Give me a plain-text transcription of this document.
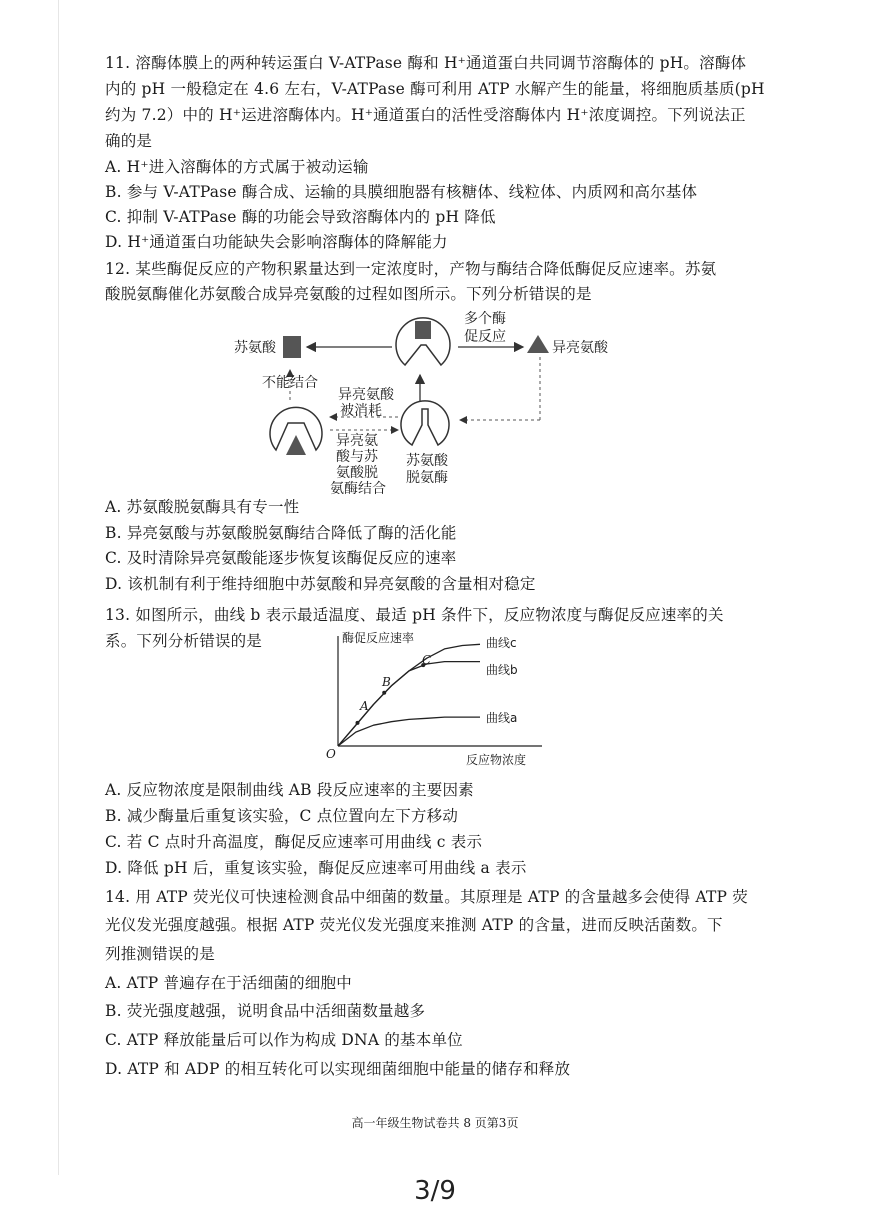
11. 溶酶体膜上的两种转运蛋白 V-ATPase 酶和 H⁺通道蛋白共同调节溶酶体的 pH。溶酶体
内的 pH 一般稳定在 4.6 左右，V-ATPase 酶可利用 ATP 水解产生的能量，将细胞质基质(pH
约为 7.2）中的 H⁺运进溶酶体内。H⁺通道蛋白的活性受溶酶体内 H⁺浓度调控。下列说法正
确的是
A. H⁺进入溶酶体的方式属于被动运输
B. 参与 V-ATPase 酶合成、运输的具膜细胞器有核糖体、线粒体、内质网和高尔基体
C. 抑制 V-ATPase 酶的功能会导致溶酶体内的 pH 降低
D. H⁺通道蛋白功能缺失会影响溶酶体的降解能力
12. 某些酶促反应的产物积累量达到一定浓度时，产物与酶结合降低酶促反应速率。苏氨
酸脱氨酶催化苏氨酸合成异亮氨酸的过程如图所示。下列分析错误的是
苏氨酸
多个酶
促反应
异亮氨酸
苏氨酸
脱氨酶
异亮氨酸
被消耗
异亮氨
酸与苏
氨酸脱
氨酶结合
不能结合
A. 苏氨酸脱氨酶具有专一性
B. 异亮氨酸与苏氨酸脱氨酶结合降低了酶的活化能
C. 及时清除异亮氨酸能逐步恢复该酶促反应的速率
D. 该机制有利于维持细胞中苏氨酸和异亮氨酸的含量相对稳定
13. 如图所示，曲线 b 表示最适温度、最适 pH 条件下，反应物浓度与酶促反应速率的关
系。下列分析错误的是	酶促反应速率
反应物浓度
O
曲线c
曲线b
曲线a
A
B
C
A. 反应物浓度是限制曲线 AB 段反应速率的主要因素
B. 减少酶量后重复该实验，C 点位置向左下方移动
C. 若 C 点时升高温度，酶促反应速率可用曲线 c 表示
D. 降低 pH 后，重复该实验，酶促反应速率可用曲线 a 表示
14. 用 ATP 荧光仪可快速检测食品中细菌的数量。其原理是 ATP 的含量越多会使得 ATP 荧
光仪发光强度越强。根据 ATP 荧光仪发光强度来推测 ATP 的含量，进而反映活菌数。下
列推测错误的是
A. ATP 普遍存在于活细菌的细胞中
B. 荧光强度越强，说明食品中活细菌数量越多
C. ATP 释放能量后可以作为构成 DNA 的基本单位
D. ATP 和 ADP 的相互转化可以实现细菌细胞中能量的储存和释放
高一年级生物试卷共 8 页第3页
3/9
